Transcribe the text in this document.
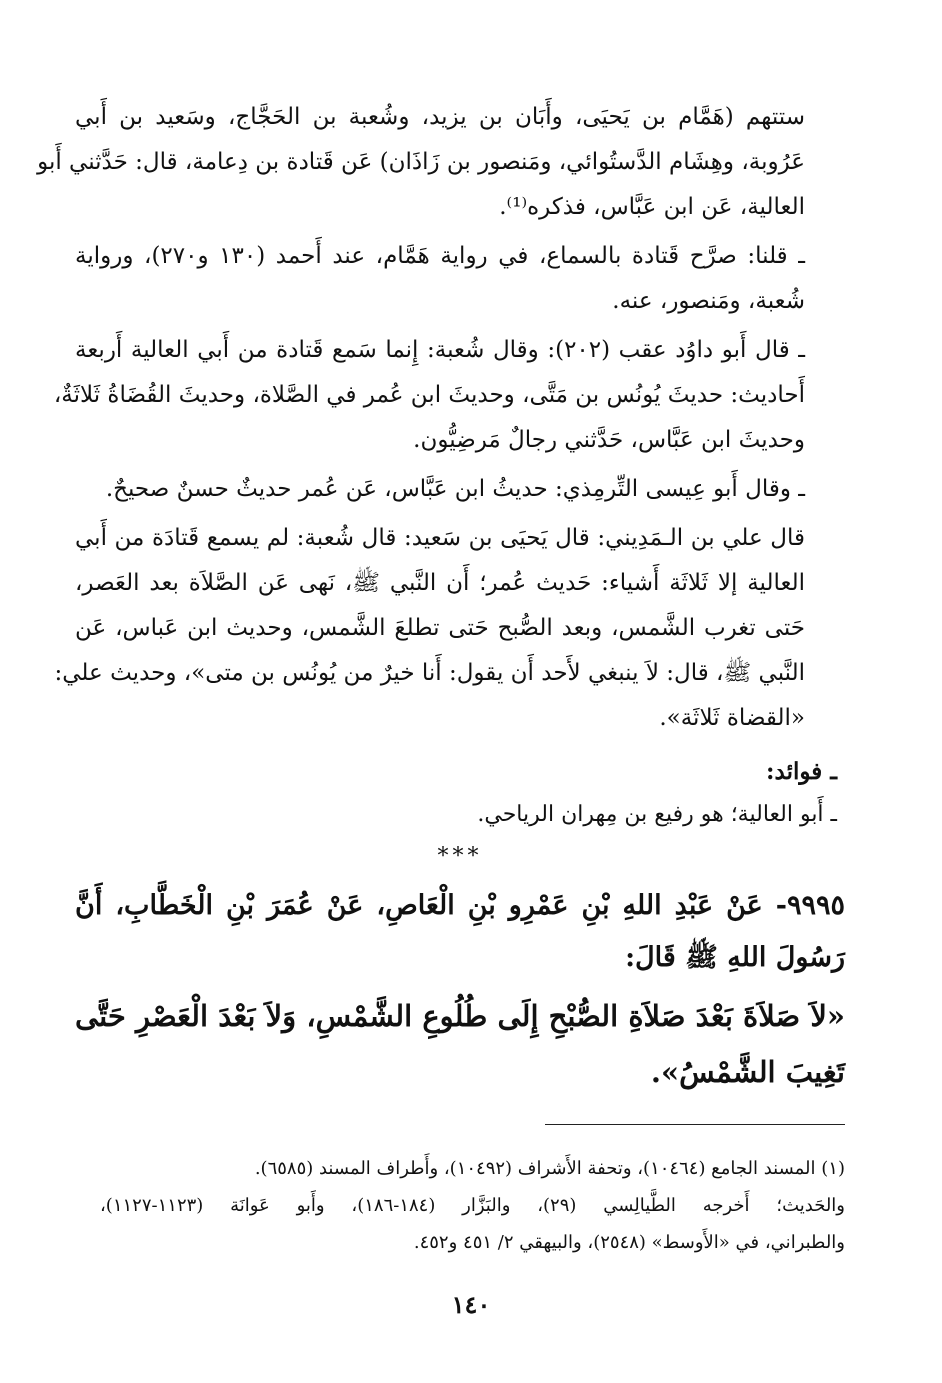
ستتهم (هَمَّام بن يَحيَى، وأَبَان بن يزيد، وشُعبة بن الحَجَّاج، وسَعيد بن أَبي
عَرُوبة، وهِشَام الدَّستُوائي، ومَنصور بن زَاذَان) عَن قَتادة بن دِعامة، قال: حَدَّثني أَبو
العالية، عَن ابن عَبَّاس، فذكره⁽¹⁾.

ـ قلنا: صرَّح قَتادة بالسماع، في رواية هَمَّام، عند أَحمد (١٣٠ و٢٧٠)، ورواية
شُعبة، ومَنصور، عنه.

ـ قال أَبو داوُد عقب (٢٠٢): وقال شُعبة: إِنما سَمع قَتادة من أَبي العالية أَربعة
أَحاديث: حديثَ يُونُس بن مَتَّى، وحديثَ ابن عُمر في الصَّلاة، وحديثَ القُضَاةُ ثَلاثَةٌ،
وحديثَ ابن عَبَّاس، حَدَّثني رجالٌ مَرضِيُّون.

ـ وقال أَبو عِيسى التِّرمِذي: حديثُ ابن عَبَّاس، عَن عُمر حديثٌ حسنٌ صحيحٌ.

قال علي بن الـمَدِيني: قال يَحيَى بن سَعيد: قال شُعبة: لم يسمع قَتادَة من أَبي
العالية إلا ثَلاثَة أَشياء: حَديث عُمر؛ أَن النَّبي ﷺ، نَهى عَن الصَّلاَة بعد العَصر،
حَتى تغرب الشَّمس، وبعد الصُّبح حَتى تطلعَ الشَّمس، وحديث ابن عَباس، عَن
النَّبي ﷺ، قال: لاَ ينبغي لأَحد أَن يقول: أَنا خيرٌ من يُونُس بن متى»، وحديث علي:
«القضاة ثَلاثَة».

ـ فوائد:
ـ أَبو العالية؛ هو رفيع بن مِهران الرياحي.
***
٩٩٩٥- عَنْ عَبْدِ اللهِ بْنِ عَمْرِو بْنِ الْعَاصِ، عَنْ عُمَرَ بْنِ الْخَطَّابِ، أَنَّ
رَسُولَ اللهِ ﷺ قَالَ:
«لاَ صَلاَةَ بَعْدَ صَلاَةِ الصُّبْحِ إِلَى طُلُوعِ الشَّمْسِ، وَلاَ بَعْدَ الْعَصْرِ حَتَّى
تَغِيبَ الشَّمْسُ».
(١) المسند الجامع (١٠٤٦٤)، وتحفة الأَشراف (١٠٤٩٢)، وأَطراف المسند (٦٥٨٥).
والحَديث؛ أَخرجه الطَّيالِسي (٢٩)، والبَزَّار (١٨٤-١٨٦)، وأَبو عَوانَة (١١٢٣-١١٢٧)،
والطبراني، في «الأَوسط» (٢٥٤٨)، والبيهقي ٢/ ٤٥١ و٤٥٢.
١٤٠
